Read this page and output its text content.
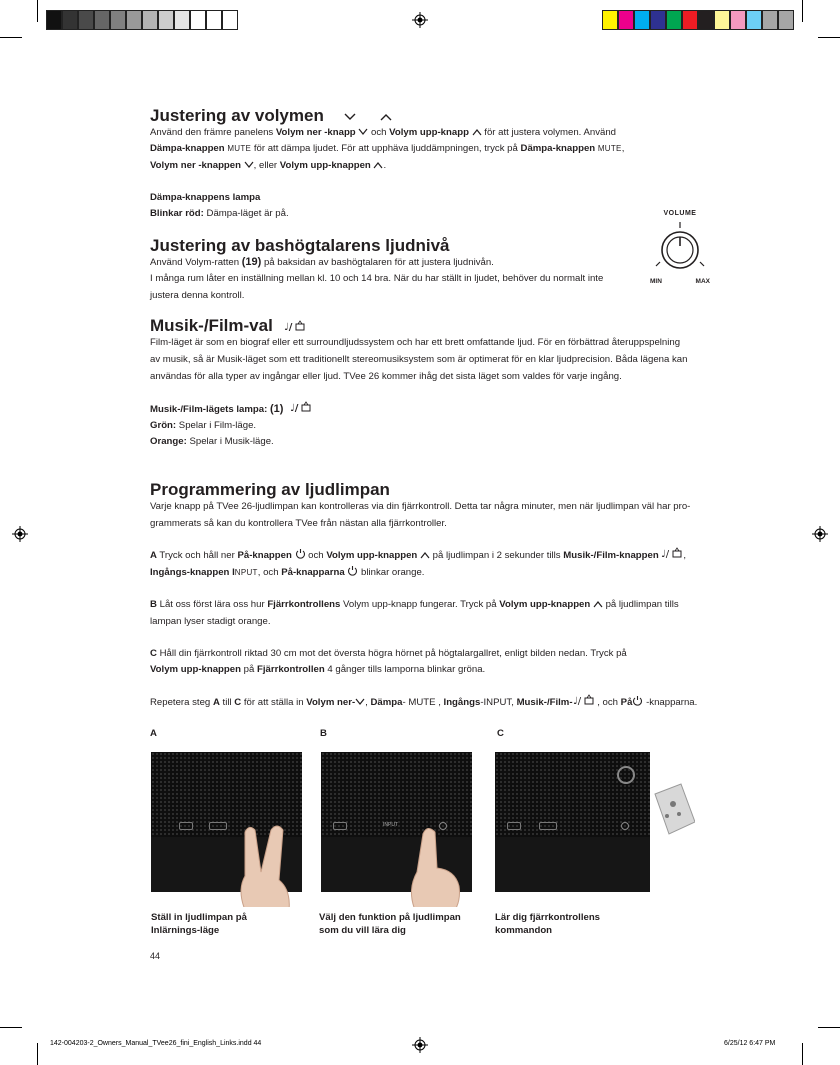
Justering av volymen
Använd den främre panelens Volym ner -knapp  och Volym upp-knapp  för att justera volymen. Använd
Dämpa-knappen MUTE för att dämpa ljudet. För att upphäva ljuddämpningen, tryck på Dämpa-knappen MUTE,
Volym ner -knappen , eller Volym upp-knappen .
Dämpa-knappens lampa
Blinkar röd: Dämpa-läget är på.
Justering av bashögtalarens ljudnivå
Använd Volym-ratten (19) på baksidan av bashögtalaren för att justera ljudnivån.
I många rum låter en inställning mellan kl. 10 och 14 bra. När du har ställt in ljudet, behöver du normalt inte
justera denna kontroll.
VOLUME
MIN	MAX
Musik-/Film-val ♩/
Film-läget är som en biograf eller ett surroundljudssystem och har ett brett omfattande ljud. För en förbättrad återuppspelning
av musik, så är Musik-läget som ett traditionellt stereomusiksystem som är optimerat för en klar ljudprecision. Båda lägena kan
användas för alla typer av ingångar eller ljud. TVee 26 kommer ihåg det sista läget som valdes för varje ingång.
Musik-/Film-lägets lampa: (1) ♩/
Grön: Spelar i Film-läge.
Orange: Spelar i Musik-läge.
Programmering av ljudlimpan
Varje knapp på TVee 26-ljudlimpan kan kontrolleras via din fjärrkontroll. Detta tar några minuter, men när ljudlimpan väl har pro-
grammerats så kan du kontrollera TVee från nästan alla fjärrkontroller.
A Tryck och håll ner På-knappen  och Volym upp-knappen  på ljudlimpan i 2 sekunder tills Musik-/Film-knappen ♩/ ,
Ingångs-knappen INPUT, och På-knapparna  blinkar orange.
B Låt oss först lära oss hur Fjärrkontrollens Volym upp-knapp fungerar. Tryck på Volym upp-knappen  på ljudlimpan tills
lampan lyser stadigt orange.
C Håll din fjärrkontroll riktad 30 cm mot det översta högra hörnet på högtalargallret, enligt bilden nedan. Tryck på
Volym upp-knappen på Fjärrkontrollen 4 gånger tills lamporna blinkar gröna.
Repetera steg A till C för att ställa in Volym ner- , Dämpa- MUTE , Ingångs-INPUT, Musik-/Film- ♩/ , och På -knapparna.
A	B	C
INPUT
Ställ in ljudlimpan på
Inlärnings-läge
Välj den funktion på ljudlimpan
som du vill lära dig
Lär dig fjärrkontrollens
kommandon
44
142-004203-2_Owners_Manual_TVee26_fini_English_Links.indd 44	6/25/12 6:47 PM
